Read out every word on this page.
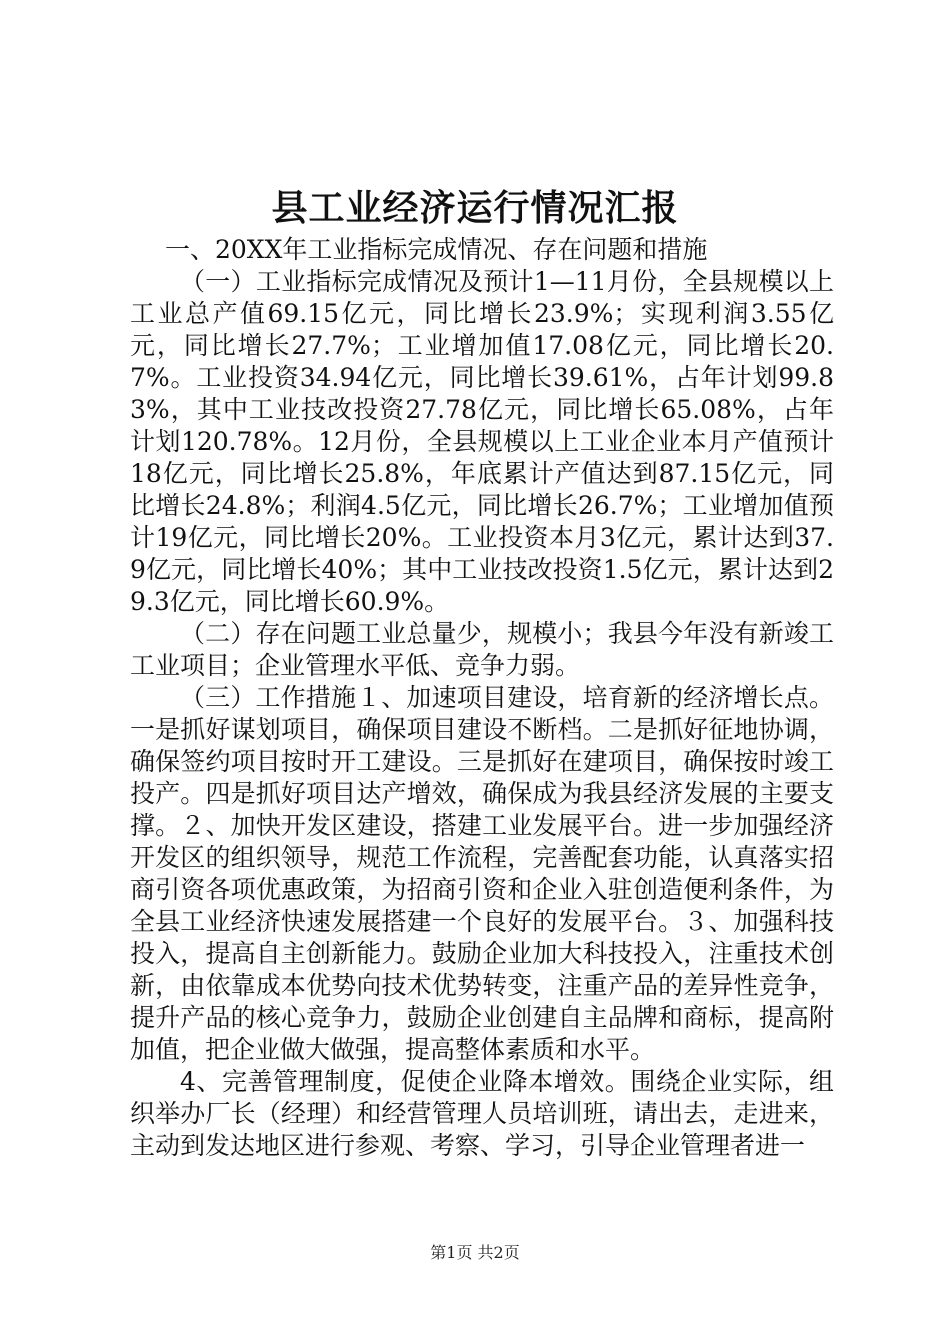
县工业经济运行情况汇报

一、20XX年工业指标完成情况、存在问题和措施

（一）工业指标完成情况及预计1—11月份，全县规模以上工业总产值69.15亿元，同比增长23.9%；实现利润3.55亿元，同比增长27.7%；工业增加值17.08亿元，同比增长20.7%。工业投资34.94亿元，同比增长39.61%，占年计划99.83%，其中工业技改投资27.78亿元，同比增长65.08%，占年计划120.78%。12月份，全县规模以上工业企业本月产值预计18亿元，同比增长25.8%，年底累计产值达到87.15亿元，同比增长24.8%；利润4.5亿元，同比增长26.7%；工业增加值预计19亿元，同比增长20%。工业投资本月3亿元，累计达到37.9亿元，同比增长40%；其中工业技改投资1.5亿元，累计达到29.3亿元，同比增长60.9%。

（二）存在问题工业总量少，规模小；我县今年没有新竣工工业项目；企业管理水平低、竞争力弱。

（三）工作措施１、加速项目建设，培育新的经济增长点。一是抓好谋划项目，确保项目建设不断档。二是抓好征地协调，确保签约项目按时开工建设。三是抓好在建项目，确保按时竣工投产。四是抓好项目达产增效，确保成为我县经济发展的主要支撑。２、加快开发区建设，搭建工业发展平台。进一步加强经济开发区的组织领导，规范工作流程，完善配套功能，认真落实招商引资各项优惠政策，为招商引资和企业入驻创造便利条件，为全县工业经济快速发展搭建一个良好的发展平台。３、加强科技投入，提高自主创新能力。鼓励企业加大科技投入，注重技术创新，由依靠成本优势向技术优势转变，注重产品的差异性竞争，提升产品的核心竞争力，鼓励企业创建自主品牌和商标，提高附加值，把企业做大做强，提高整体素质和水平。

4、完善管理制度，促使企业降本增效。围绕企业实际，组织举办厂长（经理）和经营管理人员培训班，请出去，走进来，主动到发达地区进行参观、考察、学习，引导企业管理者进一

第1页 共2页
